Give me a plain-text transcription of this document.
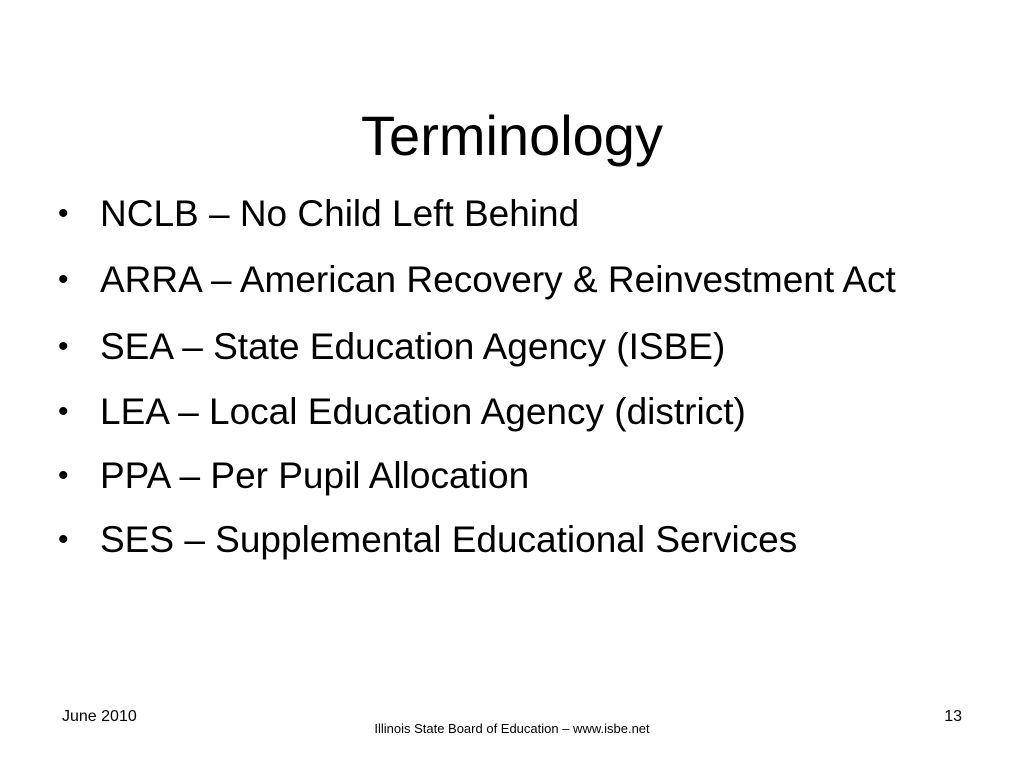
Terminology
• NCLB – No Child Left Behind
• ARRA – American Recovery & Reinvestment Act
• SEA – State Education Agency (ISBE)
• LEA – Local Education Agency (district)
• PPA – Per Pupil Allocation
• SES – Supplemental Educational Services
June 2010
Illinois State Board of Education – www.isbe.net
13
